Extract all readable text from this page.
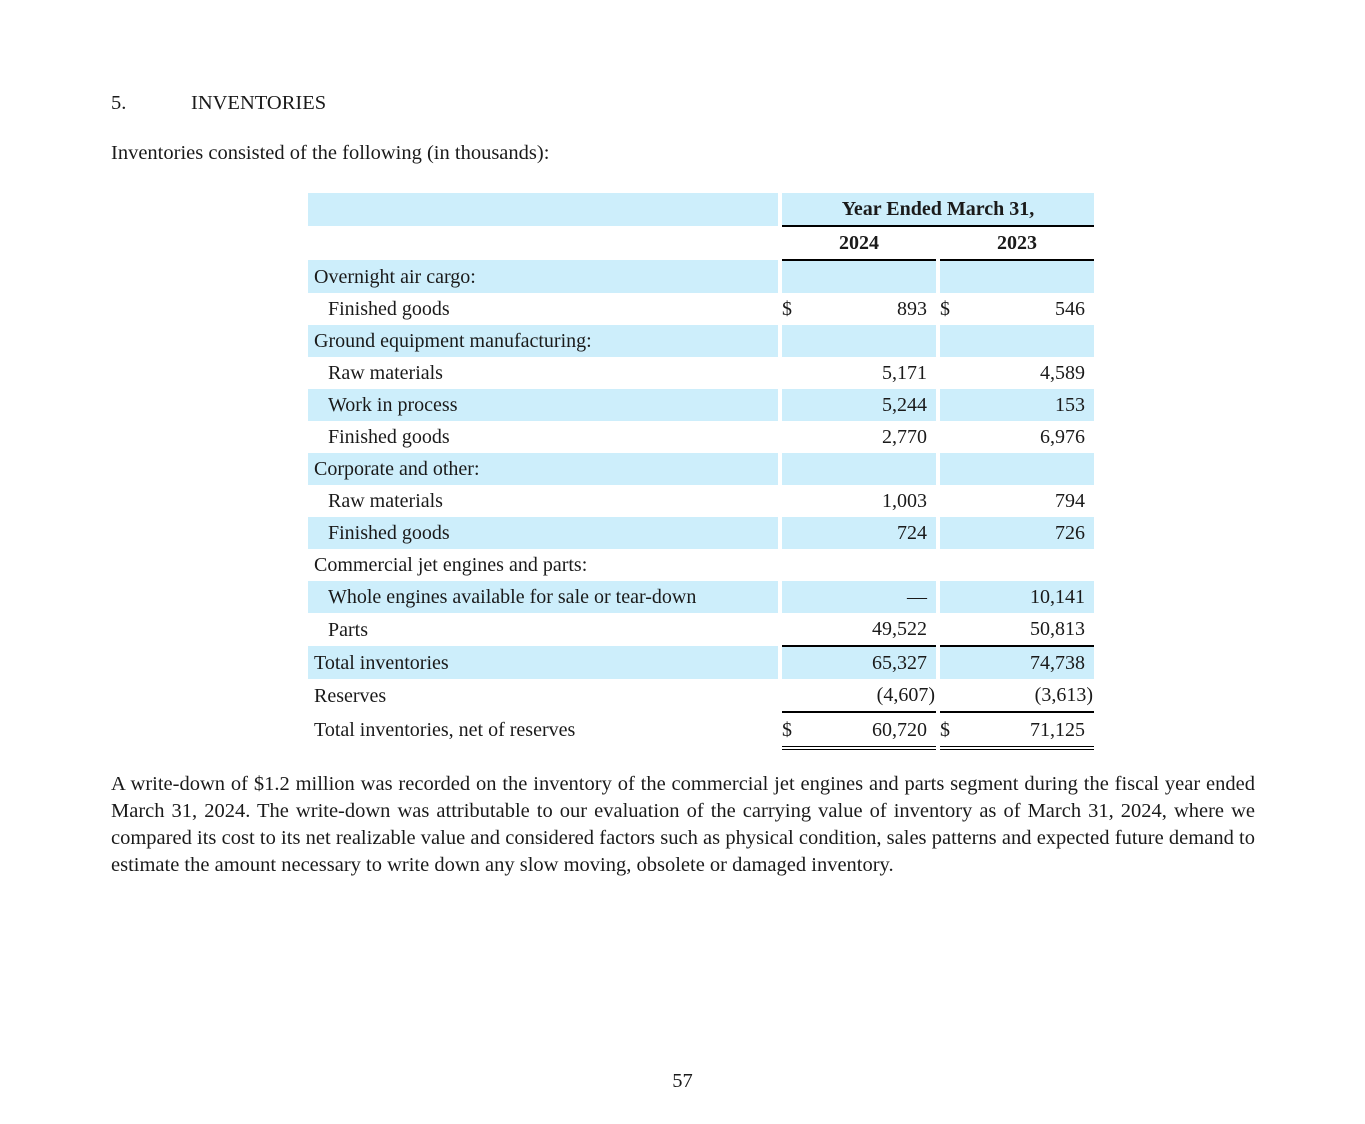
5.	INVENTORIES
Inventories consisted of the following (in thousands):
		Year Ended March 31,				
		2024			2023	
Overnight air cargo:						
Finished goods		$	893		$	546
Ground equipment manufacturing:						
Raw materials			5,171			4,589
Work in process			5,244			153
Finished goods			2,770			6,976
Corporate and other:						
Raw materials			1,003			794
Finished goods			724			726
Commercial jet engines and parts:						
Whole engines available for sale or tear-down			—			10,141
Parts			49,522			50,813
Total inventories			65,327			74,738
Reserves			(4,607)			(3,613)
Total inventories, net of reserves		$	60,720		$	71,125

A write-down of $1.2 million was recorded on the inventory of the commercial jet engines and parts segment during the fiscal year ended March 31, 2024. The write-down was attributable to our evaluation of the carrying value of inventory as of March 31, 2024, where we compared its cost to its net realizable value and considered factors such as physical condition, sales patterns and expected future demand to estimate the amount necessary to write down any slow moving, obsolete or damaged inventory.

57
